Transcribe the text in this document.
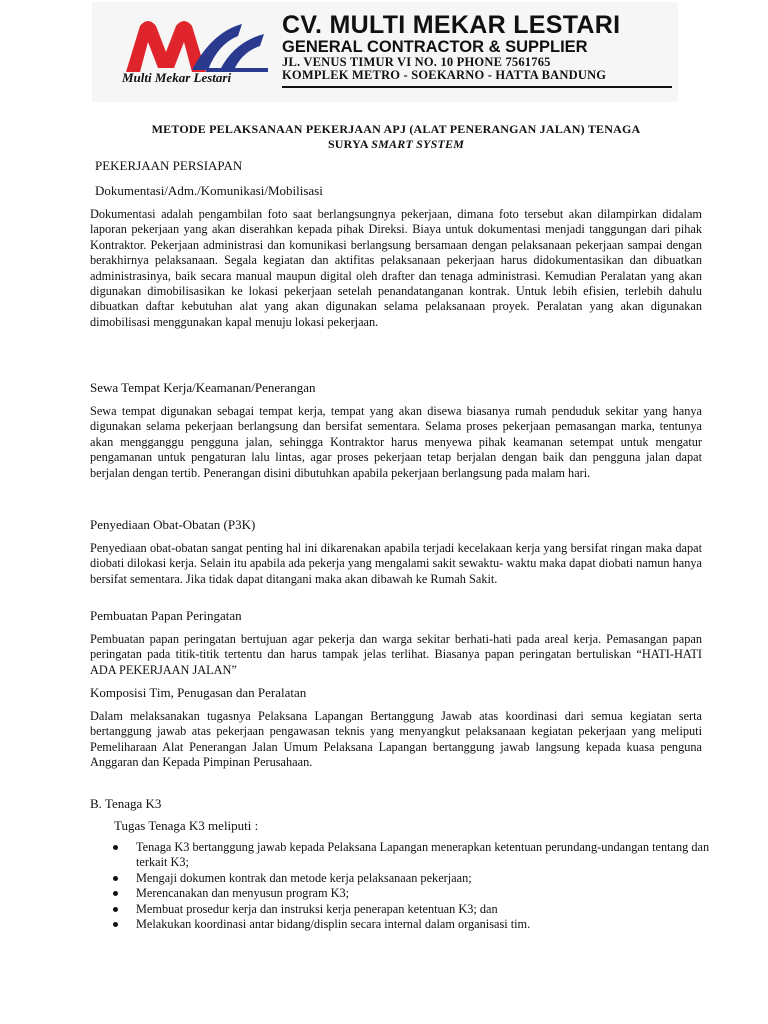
Multi Mekar Lestari
CV. MULTI MEKAR LESTARI
GENERAL CONTRACTOR & SUPPLIER
JL. VENUS TIMUR VI NO. 10 PHONE 7561765
KOMPLEK METRO - SOEKARNO - HATTA BANDUNG
METODE PELAKSANAAN PEKERJAAN APJ (ALAT PENERANGAN JALAN) TENAGA
SURYA SMART SYSTEM
PEKERJAAN PERSIAPAN
Dokumentasi/Adm./Komunikasi/Mobilisasi
Dokumentasi adalah pengambilan foto saat berlangsungnya pekerjaan, dimana foto tersebut akan dilampirkan didalam laporan pekerjaan yang akan diserahkan kepada pihak Direksi. Biaya untuk dokumentasi menjadi tanggungan dari pihak Kontraktor. Pekerjaan administrasi dan komunikasi berlangsung bersamaan dengan pelaksanaan pekerjaan sampai dengan berakhirnya pelaksanaan. Segala kegiatan dan aktifitas pelaksanaan pekerjaan harus didokumentasikan dan dibuatkan administrasinya, baik secara manual maupun digital oleh drafter dan tenaga administrasi. Kemudian Peralatan yang akan digunakan dimobilisasikan ke lokasi pekerjaan setelah penandatanganan kontrak. Untuk lebih efisien, terlebih dahulu dibuatkan daftar kebutuhan alat yang akan digunakan selama pelaksanaan proyek. Peralatan yang akan digunakan dimobilisasi menggunakan kapal menuju lokasi pekerjaan.
Sewa Tempat Kerja/Keamanan/Penerangan
Sewa tempat digunakan sebagai tempat kerja, tempat yang akan disewa biasanya rumah penduduk sekitar yang hanya digunakan selama pekerjaan berlangsung dan bersifat sementara. Selama proses pekerjaan pemasangan marka, tentunya akan mengganggu pengguna jalan, sehingga Kontraktor harus menyewa pihak keamanan setempat untuk mengatur pengamanan untuk pengaturan lalu lintas, agar proses pekerjaan tetap berjalan dengan baik dan pengguna jalan dapat berjalan dengan tertib. Penerangan disini dibutuhkan apabila pekerjaan berlangsung pada malam hari.
Penyediaan Obat-Obatan (P3K)
Penyediaan obat-obatan sangat penting hal ini dikarenakan apabila terjadi kecelakaan kerja yang bersifat ringan maka dapat diobati dilokasi kerja. Selain itu apabila ada pekerja yang mengalami sakit sewaktu- waktu maka dapat diobati namun hanya bersifat sementara. Jika tidak dapat ditangani maka akan dibawah ke Rumah Sakit.
Pembuatan Papan Peringatan
Pembuatan papan peringatan bertujuan agar pekerja dan warga sekitar berhati-hati pada areal kerja. Pemasangan papan peringatan pada titik-titik tertentu dan harus tampak jelas terlihat. Biasanya papan peringatan bertuliskan “HATI-HATI ADA PEKERJAAN JALAN”
Komposisi Tim, Penugasan dan Peralatan
Dalam melaksanakan tugasnya Pelaksana Lapangan Bertanggung Jawab atas koordinasi dari semua kegiatan serta bertanggung jawab atas pekerjaan pengawasan teknis yang menyangkut pelaksanaan kegiatan pekerjaan yang meliputi Pemeliharaan Alat Penerangan Jalan Umum Pelaksana Lapangan bertanggung jawab langsung kepada kuasa penguna Anggaran dan Kepada Pimpinan Perusahaan.
B. Tenaga K3
Tugas Tenaga K3 meliputi :
Tenaga K3 bertanggung jawab kepada Pelaksana Lapangan menerapkan ketentuan perundang-undangan tentang dan terkait K3;
Mengaji dokumen kontrak dan metode kerja pelaksanaan pekerjaan;
Merencanakan dan menyusun program K3;
Membuat prosedur kerja dan instruksi kerja penerapan ketentuan K3; dan
Melakukan koordinasi antar bidang/displin secara internal dalam organisasi tim.
